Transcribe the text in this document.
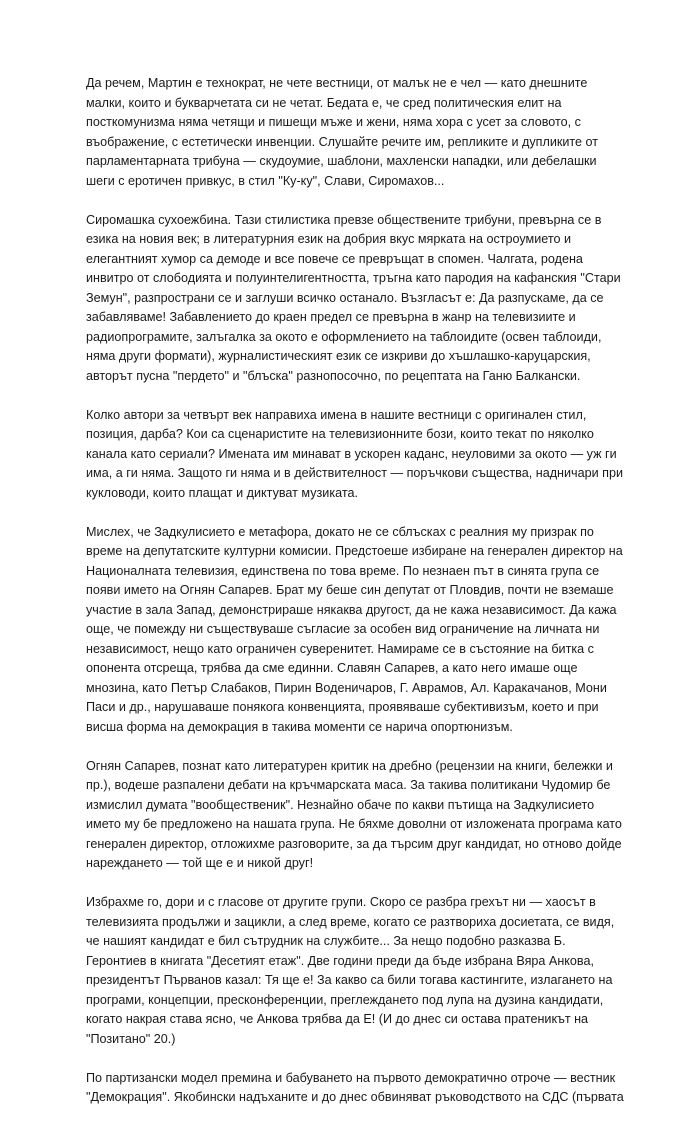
Да речем, Мартин е технократ, не чете вестници, от малък не е чел — като днешните малки, които и букварчетата си не четат. Бедата е, че сред политическия елит на посткомунизма няма четящи и пишещи мъже и жени, няма хора с усет за словото, с въображение, с естетически инвенции. Слушайте речите им, репликите и дупликите от парламентарната трибуна — скудоумие, шаблони, махленски нападки, или дебелашки шеги с еротичен привкус, в стил "Ку-ку", Слави, Сиромахов...

Сиромашка сухоежбина. Тази стилистика превзе обществените трибуни, превърна се в езика на новия век; в литературния език на добрия вкус мярката на остроумието и елегантният хумор са демоде и все повече се превръщат в спомен. Чалгата, родена инвитро от слободията и полуинтелигентността, тръгна като пародия на кафанския "Стари Земун", разпространи се и заглуши всичко останало. Възгласът е: Да разпускаме, да се забавляваме! Забавлението до краен предел се превърна в жанр на телевизиите и радиопрограмите, залъгалка за окото е оформлението на таблоидите (освен таблоиди, няма други формати), журналистическият език се изкриви до хъшлашко-каруцарския, авторът пусна "пердето" и "блъска" разнопосочно, по рецептата на Ганю Балкански.

Колко автори за четвърт век направиха имена в нашите вестници с оригинален стил, позиция, дарба? Кои са сценаристите на телевизионните бози, които текат по няколко канала като сериали? Имената им минават в ускорен каданс, неуловими за окото — уж ги има, а ги няма. Защото ги няма и в действителност — поръчкови същества, надничари при кукловоди, които плащат и диктуват музиката.

Мислех, че Задкулисието е метафора, докато не се сблъсках с реалния му призрак по време на депутатските културни комисии. Предстоеше избиране на генерален директор на Националната телевизия, единствена по това време. По незнаен път в синята група се появи името на Огнян Сапарев. Брат му беше син депутат от Пловдив, почти не вземаше участие в зала Запад, демонстрираше някаква другост, да не кажа независимост. Да кажа още, че помежду ни съществуваше съгласие за особен вид ограничение на личната ни независимост, нещо като ограничен суверенитет. Намираме се в състояние на битка с опонента отсреща, трябва да сме единни. Славян Сапарев, а като него имаше още мнозина, като Петър Слабаков, Пирин Воденичаров, Г. Аврамов, Ал. Каракачанов, Мони Паси и др., нарушаваше понякога конвенцията, проявяваше субективизъм, което и при висша форма на демокрация в такива моменти се нарича опортюнизъм.

Огнян Сапарев, познат като литературен критик на дребно (рецензии на книги, бележки и пр.), водеше разпалени дебати на кръчмарската маса. За такива политикани Чудомир бе измислил думата "вообщественик". Незнайно обаче по какви пътища на Задкулисието името му бе предложено на нашата група. Не бяхме доволни от изложената програма като генерален директор, отложихме разговорите, за да търсим друг кандидат, но отново дойде нареждането — той ще е и никой друг!

Избрахме го, дори и с гласове от другите групи. Скоро се разбра грехът ни — хаосът в телевизията продължи и зацикли, а след време, когато се разтвориха досиетата, се видя, че нашият кандидат е бил сътрудник на службите... За нещо подобно разказва Б. Геронтиев в книгата "Десетият етаж". Две години преди да бъде избрана Вяра Анкова, президентът Първанов казал: Тя ще е! За какво са били тогава кастингите, излагането на програми, концепции, пресконференции, преглеждането под лупа на дузина кандидати, когато накрая става ясно, че Анкова трябва да Е! (И до днес си остава пратеникът на "Позитано" 20.)

По партизански модел премина и бабуването на първото демократично отроче — вестник "Демокрация". Якобински надъханите и до днес обвиняват ръководството на СДС (първата
